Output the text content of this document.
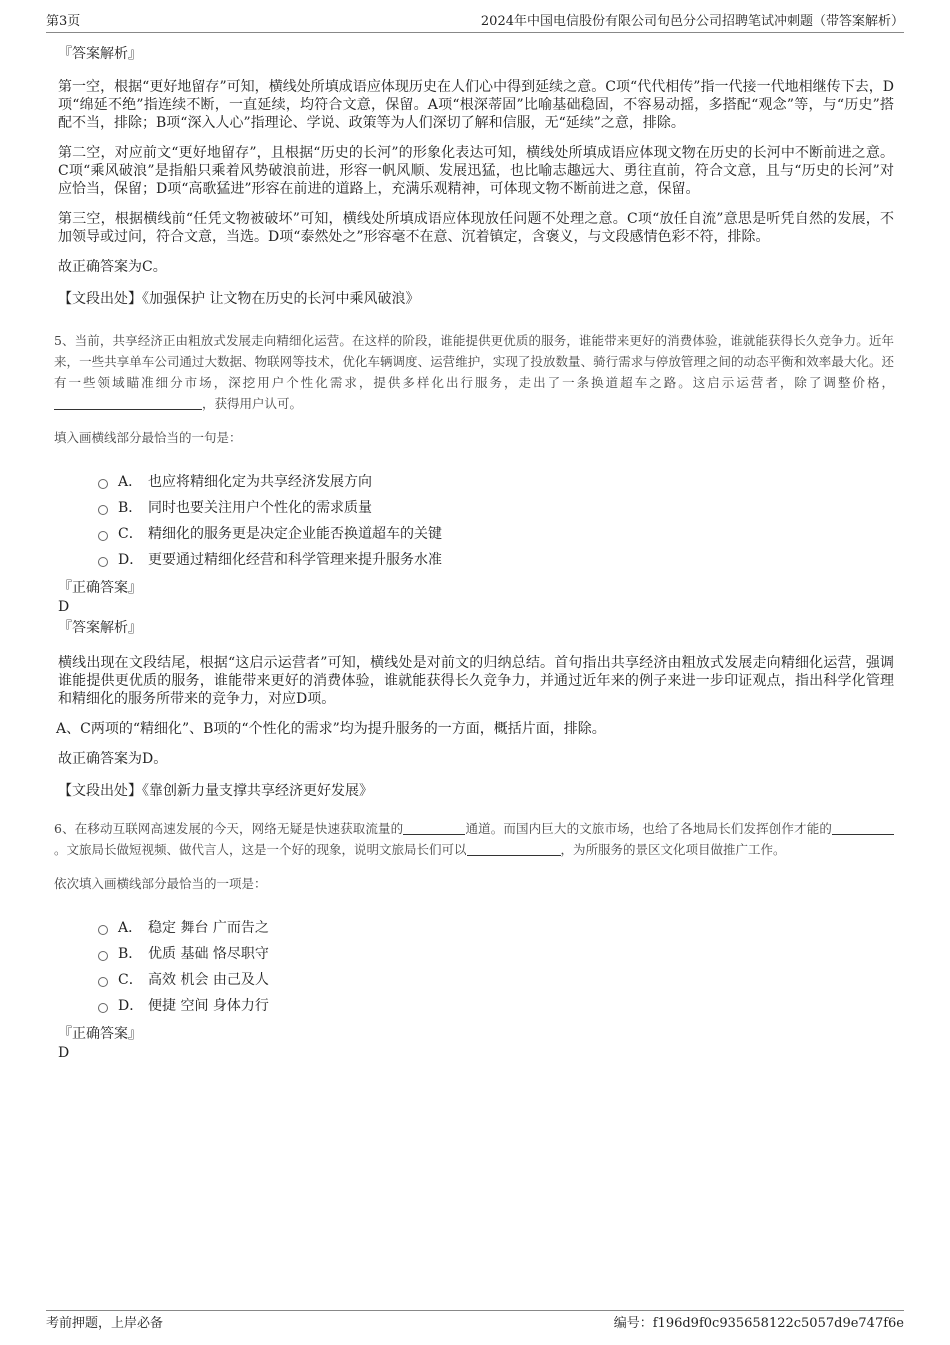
第3页	2024年中国电信股份有限公司旬邑分公司招聘笔试冲刺题（带答案解析）

『答案解析』

第一空，根据“更好地留存”可知，横线处所填成语应体现历史在人们心中得到延续之意。C项“代代相传”指一代接一代地相继传下去，D项“绵延不绝”指连续不断，一直延续，均符合文意，保留。A项“根深蒂固”比喻基础稳固，不容易动摇，多搭配“观念”等，与“历史”搭配不当，排除；B项“深入人心”指理论、学说、政策等为人们深切了解和信服，无“延续”之意，排除。

第二空，对应前文“更好地留存”，且根据“历史的长河”的形象化表达可知，横线处所填成语应体现文物在历史的长河中不断前进之意。C项“乘风破浪”是指船只乘着风势破浪前进，形容一帆风顺、发展迅猛，也比喻志趣远大、勇往直前，符合文意，且与“历史的长河”对应恰当，保留；D项“高歌猛进”形容在前进的道路上，充满乐观精神，可体现文物不断前进之意，保留。

第三空，根据横线前“任凭文物被破坏”可知，横线处所填成语应体现放任问题不处理之意。C项“放任自流”意思是听凭自然的发展，不加领导或过问，符合文意，当选。D项“泰然处之”形容毫不在意、沉着镇定，含褒义，与文段感情色彩不符，排除。

故正确答案为C。

【文段出处】《加强保护 让文物在历史的长河中乘风破浪》

5、当前，共享经济正由粗放式发展走向精细化运营。在这样的阶段，谁能提供更优质的服务，谁能带来更好的消费体验，谁就能获得长久竞争力。近年来，一些共享单车公司通过大数据、物联网等技术，优化车辆调度、运营维护，实现了投放数量、骑行需求与停放管理之间的动态平衡和效率最大化。还有一些领域瞄准细分市场，深挖用户个性化需求，提供多样化出行服务，走出了一条换道超车之路。这启示运营者，除了调整价格，，获得用户认可。

填入画横线部分最恰当的一句是：

A． 也应将精细化定为共享经济发展方向
B． 同时也要关注用户个性化的需求质量
C． 精细化的服务更是决定企业能否换道超车的关键
D． 更要通过精细化经营和科学管理来提升服务水准

『正确答案』

D

『答案解析』

横线出现在文段结尾，根据“这启示运营者”可知，横线处是对前文的归纳总结。首句指出共享经济由粗放式发展走向精细化运营，强调谁能提供更优质的服务，谁能带来更好的消费体验，谁就能获得长久竞争力，并通过近年来的例子来进一步印证观点，指出科学化管理和精细化的服务所带来的竞争力，对应D项。

A、C两项的“精细化”、B项的“个性化的需求”均为提升服务的一方面，概括片面，排除。

故正确答案为D。

【文段出处】《靠创新力量支撑共享经济更好发展》

6、在移动互联网高速发展的今天，网络无疑是快速获取流量的	通道。而国内巨大的文旅市场，也给了各地局长们发挥创作才能的。文旅局长做短视频、做代言人，这是一个好的现象，说明文旅局长们可以	，为所服务的景区文化项目做推广工作。

依次填入画横线部分最恰当的一项是：

A． 稳定 舞台 广而告之
B． 优质 基础 恪尽职守
C． 高效 机会 由己及人
D． 便捷 空间 身体力行

『正确答案』

D

考前押题，上岸必备	编号：f196d9f0c935658122c5057d9e747f6e
